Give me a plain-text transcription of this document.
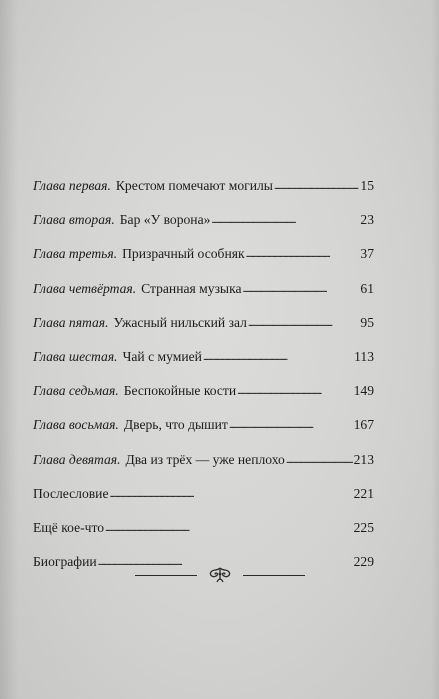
Глава первая. Крестом помечают могилы . . .	15
Глава вторая. Бар «У ворона» . . .	23
Глава третья. Призрачный особняк . . .	37
Глава четвёртая. Странная музыка . . .	61
Глава пятая. Ужасный нильский зал . . .	95
Глава шестая. Чай с мумией . . .	113
Глава седьмая. Беспокойные кости . . .	149
Глава восьмая. Дверь, что дышит . . .	167
Глава девятая. Два из трёх — уже неплохо . . .	213
Послесловие . . .	221
Ещё кое-что . . .	225
Биографии . . .	229
